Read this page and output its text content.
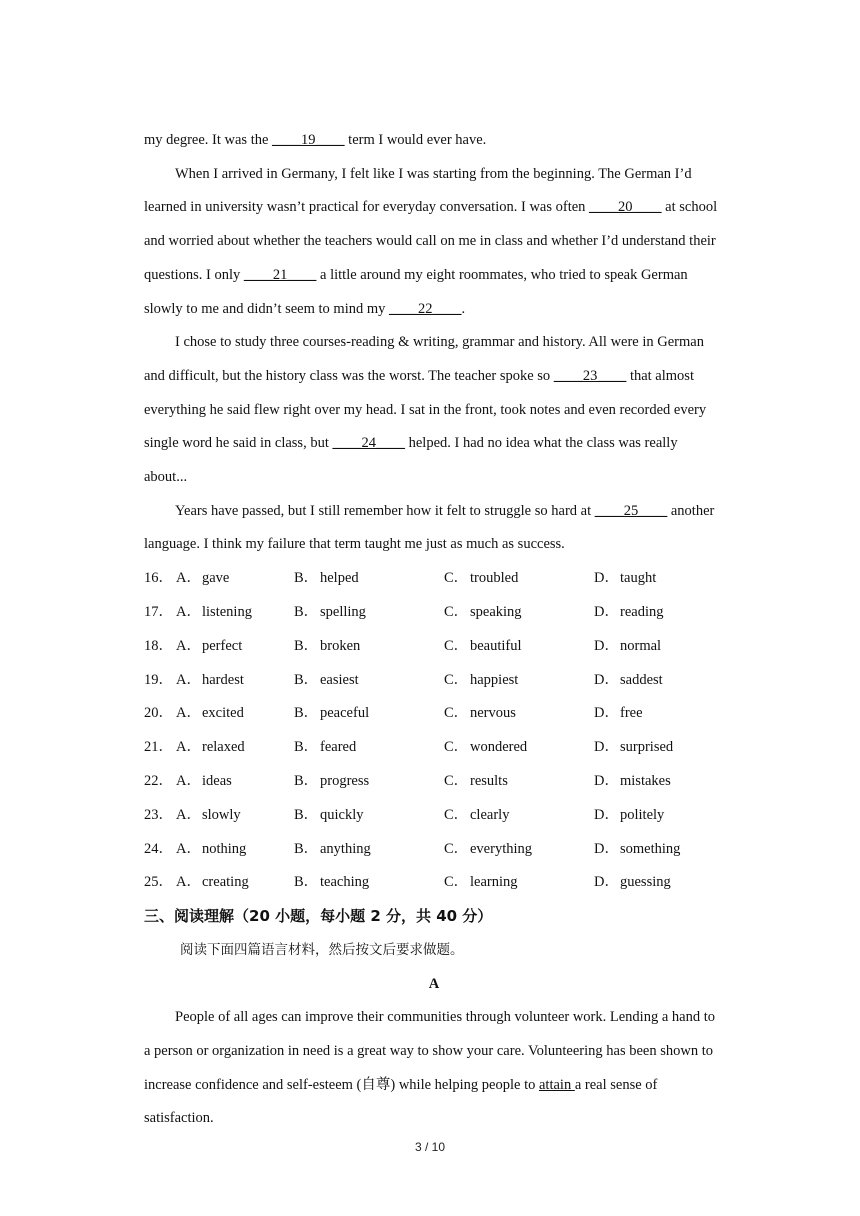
my degree. It was the ____19____ term I would ever have.

When I arrived in Germany, I felt like I was starting from the beginning. The German I’d learned in university wasn’t practical for everyday conversation. I was often ____20____ at school and worried about whether the teachers would call on me in class and whether I’d understand their questions. I only ____21____ a little around my eight roommates, who tried to speak German slowly to me and didn’t seem to mind my ____22____.

I chose to study three courses-reading & writing, grammar and history. All were in German and difficult, but the history class was the worst. The teacher spoke so ____23____ that almost everything he said flew right over my head. I sat in the front, took notes and even recorded every single word he said in class, but ____24____ helped. I had no idea what the class was really about...

Years have passed, but I still remember how it felt to struggle so hard at ____25____ another language. I think my failure that term taught me just as much as success.

16． A． gave	B． helped	C． troubled	D． taught
17． A． listening	B． spelling	C． speaking	D． reading
18． A． perfect	B． broken	C． beautiful	D． normal
19． A． hardest	B． easiest	C． happiest	D． saddest
20． A． excited	B． peaceful	C． nervous	D． free
21． A． relaxed	B． feared	C． wondered	D． surprised
22． A． ideas	B． progress	C． results	D． mistakes
23． A． slowly	B． quickly	C． clearly	D． politely
24． A． nothing	B． anything	C． everything	D． something
25． A． creating	B． teaching	C． learning	D． guessing

三、阅读理解（20 小题，每小题 2 分，共 40 分）

阅读下面四篇语言材料，然后按文后要求做题。

A

People of all ages can improve their communities through volunteer work. Lending a hand to a person or organization in need is a great way to show your care. Volunteering has been shown to increase confidence and self-esteem (自尊) while helping people to attain a real sense of satisfaction.

3 / 10
